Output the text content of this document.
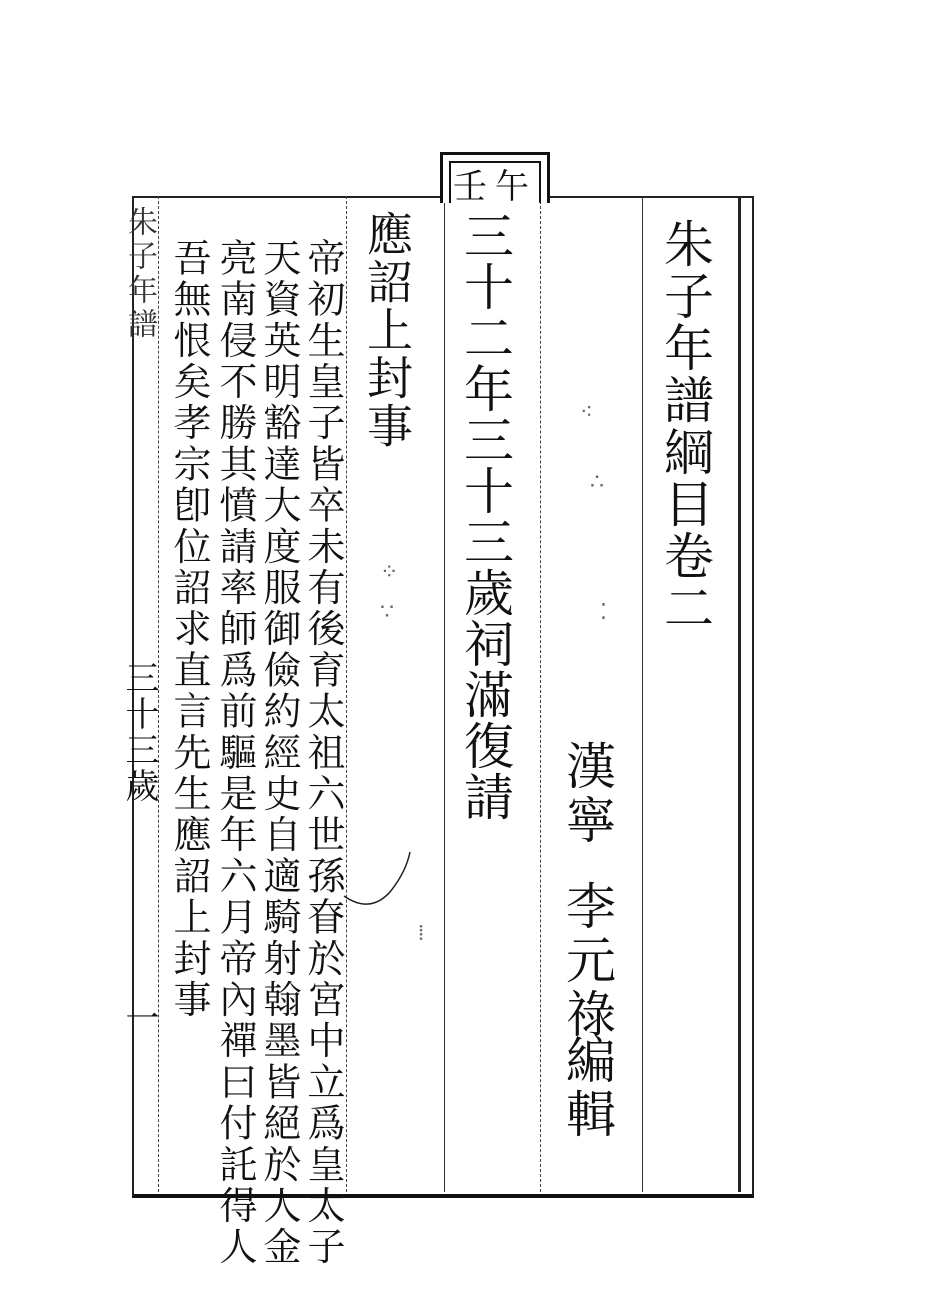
壬午
朱子年譜綱目卷二
漢寧
李元祿
編輯
三十二年三十三歲祠滿復請
應詔上封事
帝初生皇子皆卒未有後育太祖六世孫眘於宮中立爲皇太子
天資英明豁達大度服御儉約經史自適騎射翰墨皆絕於人金
亮南侵不勝其憤請率師爲前驅是年六月帝內禪曰付託得人
吾無恨矣孝宗卽位詔求直言先生應詔上封事
朱子年譜
三十三歲
一
⁖
∴
⁚
⁘
∵
⁞
